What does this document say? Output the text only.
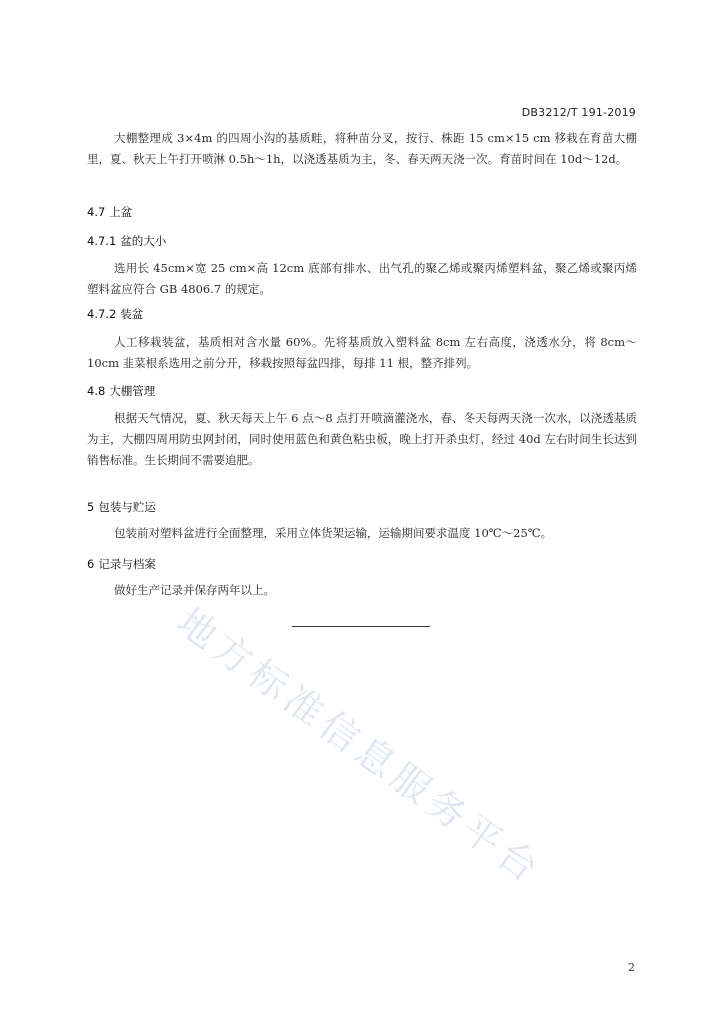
地方标准信息服务平台
DB3212/T 191-2019

大棚整理成 3×4m 的四周小沟的基质畦，将种苗分叉，按行、株距 15 cm×15 cm 移栽在育苗大棚里，夏、秋天上午打开喷淋 0.5h～1h，以浇透基质为主，冬、春天两天浇一次。育苗时间在 10d～12d。

4.7 上盆

4.7.1 盆的大小

选用长 45cm×宽 25 cm×高 12cm 底部有排水、出气孔的聚乙烯或聚丙烯塑料盆，聚乙烯或聚丙烯塑料盆应符合 GB 4806.7 的规定。

4.7.2 装盆

人工移栽装盆，基质相对含水量 60%。先将基质放入塑料盆 8cm 左右高度，浇透水分，将 8cm～10cm 韭菜根系选用之前分开，移栽按照每盆四排，每排 11 根，整齐排列。

4.8 大棚管理

根据天气情况，夏、秋天每天上午 6 点～8 点打开喷滴灌浇水，春、冬天每两天浇一次水，以浇透基质为主，大棚四周用防虫网封闭，同时使用蓝色和黄色粘虫板，晚上打开杀虫灯，经过 40d 左右时间生长达到销售标准。生长期间不需要追肥。

5 包装与贮运

包装前对塑料盆进行全面整理，采用立体货架运输，运输期间要求温度 10℃～25℃。

6 记录与档案

做好生产记录并保存两年以上。

2
